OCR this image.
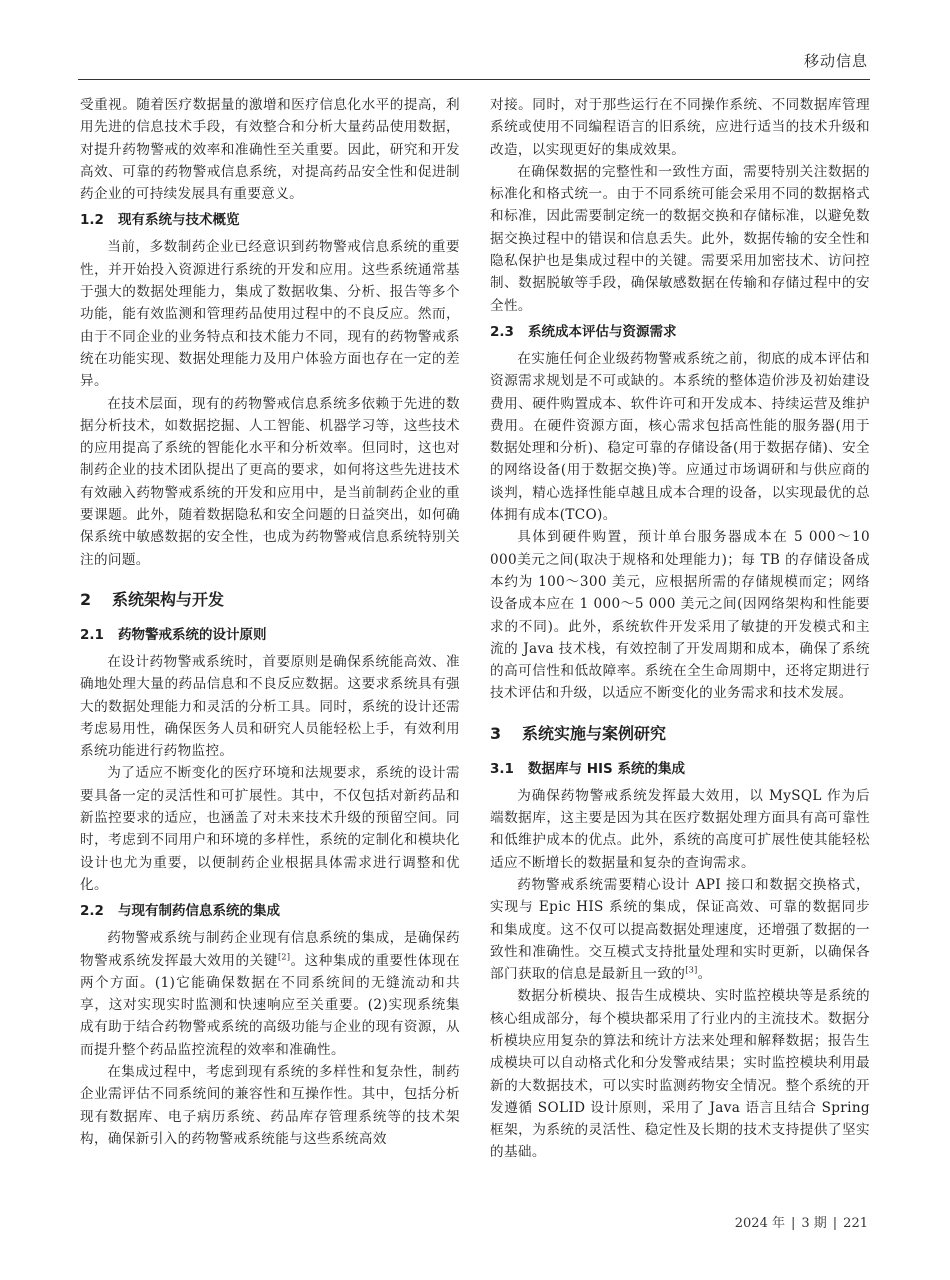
移动信息

受重视。随着医疗数据量的激增和医疗信息化水平的提高，利用先进的信息技术手段，有效整合和分析大量药品使用数据，对提升药物警戒的效率和准确性至关重要。因此，研究和开发高效、可靠的药物警戒信息系统，对提高药品安全性和促进制药企业的可持续发展具有重要意义。

1.2 现有系统与技术概览

当前，多数制药企业已经意识到药物警戒信息系统的重要性，并开始投入资源进行系统的开发和应用。这些系统通常基于强大的数据处理能力，集成了数据收集、分析、报告等多个功能，能有效监测和管理药品使用过程中的不良反应。然而，由于不同企业的业务特点和技术能力不同，现有的药物警戒系统在功能实现、数据处理能力及用户体验方面也存在一定的差异。

在技术层面，现有的药物警戒信息系统多依赖于先进的数据分析技术，如数据挖掘、人工智能、机器学习等，这些技术的应用提高了系统的智能化水平和分析效率。但同时，这也对制药企业的技术团队提出了更高的要求，如何将这些先进技术有效融入药物警戒系统的开发和应用中，是当前制药企业的重要课题。此外，随着数据隐私和安全问题的日益突出，如何确保系统中敏感数据的安全性，也成为药物警戒信息系统特别关注的问题。

2 系统架构与开发
2.1 药物警戒系统的设计原则

在设计药物警戒系统时，首要原则是确保系统能高效、准确地处理大量的药品信息和不良反应数据。这要求系统具有强大的数据处理能力和灵活的分析工具。同时，系统的设计还需考虑易用性，确保医务人员和研究人员能轻松上手，有效利用系统功能进行药物监控。

为了适应不断变化的医疗环境和法规要求，系统的设计需要具备一定的灵活性和可扩展性。其中，不仅包括对新药品和新监控要求的适应，也涵盖了对未来技术升级的预留空间。同时，考虑到不同用户和环境的多样性，系统的定制化和模块化设计也尤为重要，以便制药企业根据具体需求进行调整和优化。

2.2 与现有制药信息系统的集成

药物警戒系统与制药企业现有信息系统的集成，是确保药物警戒系统发挥最大效用的关键[2]。这种集成的重要性体现在两个方面。(1)它能确保数据在不同系统间的无缝流动和共享，这对实现实时监测和快速响应至关重要。(2)实现系统集成有助于结合药物警戒系统的高级功能与企业的现有资源，从而提升整个药品监控流程的效率和准确性。

在集成过程中，考虑到现有系统的多样性和复杂性，制药企业需评估不同系统间的兼容性和互操作性。其中，包括分析现有数据库、电子病历系统、药品库存管理系统等的技术架构，确保新引入的药物警戒系统能与这些系统高效

对接。同时，对于那些运行在不同操作系统、不同数据库管理系统或使用不同编程语言的旧系统，应进行适当的技术升级和改造，以实现更好的集成效果。

在确保数据的完整性和一致性方面，需要特别关注数据的标准化和格式统一。由于不同系统可能会采用不同的数据格式和标准，因此需要制定统一的数据交换和存储标准，以避免数据交换过程中的错误和信息丢失。此外，数据传输的安全性和隐私保护也是集成过程中的关键。需要采用加密技术、访问控制、数据脱敏等手段，确保敏感数据在传输和存储过程中的安全性。

2.3 系统成本评估与资源需求

在实施任何企业级药物警戒系统之前，彻底的成本评估和资源需求规划是不可或缺的。本系统的整体造价涉及初始建设费用、硬件购置成本、软件许可和开发成本、持续运营及维护费用。在硬件资源方面，核心需求包括高性能的服务器(用于数据处理和分析)、稳定可靠的存储设备(用于数据存储)、安全的网络设备(用于数据交换)等。应通过市场调研和与供应商的谈判，精心选择性能卓越且成本合理的设备，以实现最优的总体拥有成本(TCO)。

具体到硬件购置，预计单台服务器成本在 5 000～10 000美元之间(取决于规格和处理能力)；每 TB 的存储设备成本约为 100～300 美元，应根据所需的存储规模而定；网络设备成本应在 1 000～5 000 美元之间(因网络架构和性能要求的不同)。此外，系统软件开发采用了敏捷的开发模式和主流的 Java 技术栈，有效控制了开发周期和成本，确保了系统的高可信性和低故障率。系统在全生命周期中，还将定期进行技术评估和升级，以适应不断变化的业务需求和技术发展。

3 系统实施与案例研究
3.1 数据库与 HIS 系统的集成

为确保药物警戒系统发挥最大效用，以 MySQL 作为后端数据库，这主要是因为其在医疗数据处理方面具有高可靠性和低维护成本的优点。此外，系统的高度可扩展性使其能轻松适应不断增长的数据量和复杂的查询需求。

药物警戒系统需要精心设计 API 接口和数据交换格式，实现与 Epic HIS 系统的集成，保证高效、可靠的数据同步和集成度。这不仅可以提高数据处理速度，还增强了数据的一致性和准确性。交互模式支持批量处理和实时更新，以确保各部门获取的信息是最新且一致的[3]。

数据分析模块、报告生成模块、实时监控模块等是系统的核心组成部分，每个模块都采用了行业内的主流技术。数据分析模块应用复杂的算法和统计方法来处理和解释数据；报告生成模块可以自动格式化和分发警戒结果；实时监控模块利用最新的大数据技术，可以实时监测药物安全情况。整个系统的开发遵循 SOLID 设计原则，采用了 Java 语言且结合 Spring 框架，为系统的灵活性、稳定性及长期的技术支持提供了坚实的基础。

2024 年 | 3 期 | 221
